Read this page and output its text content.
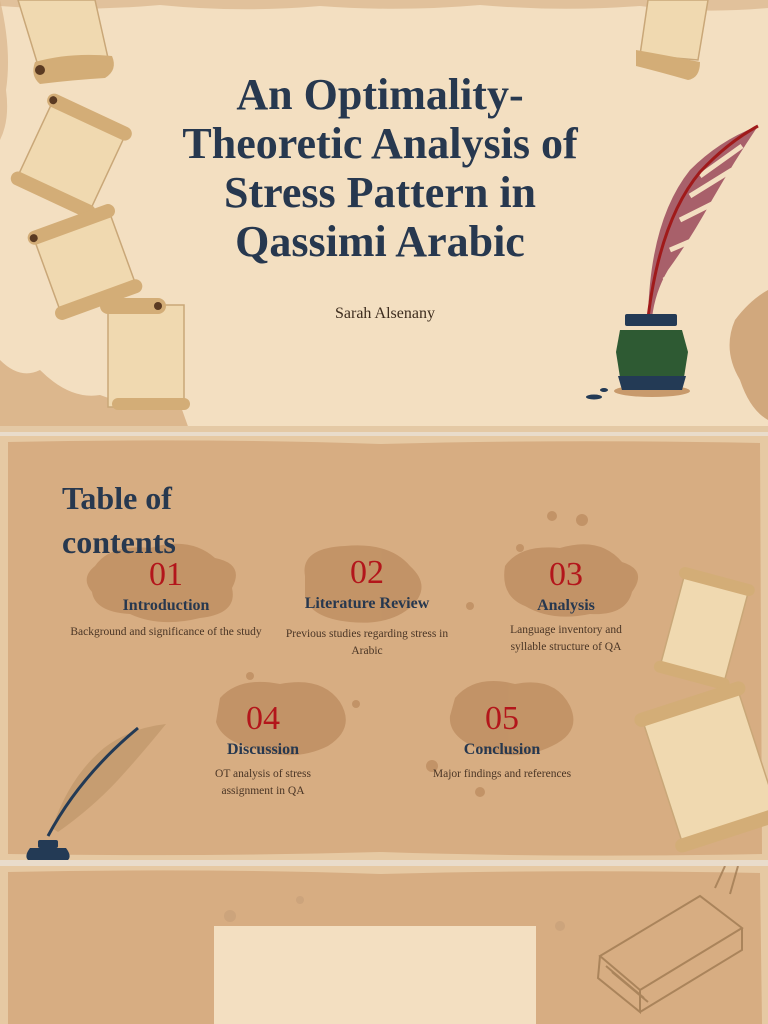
An Optimality-Theoretic Analysis of Stress Pattern in Qassimi Arabic
Sarah Alsenany
Table of contents
01
Introduction
Background and significance of the study
02
Literature Review
Previous studies regarding stress in Arabic
03
Analysis
Language inventory and syllable structure of QA
04
Discussion
OT analysis of stress assignment in QA
05
Conclusion
Major findings and references
